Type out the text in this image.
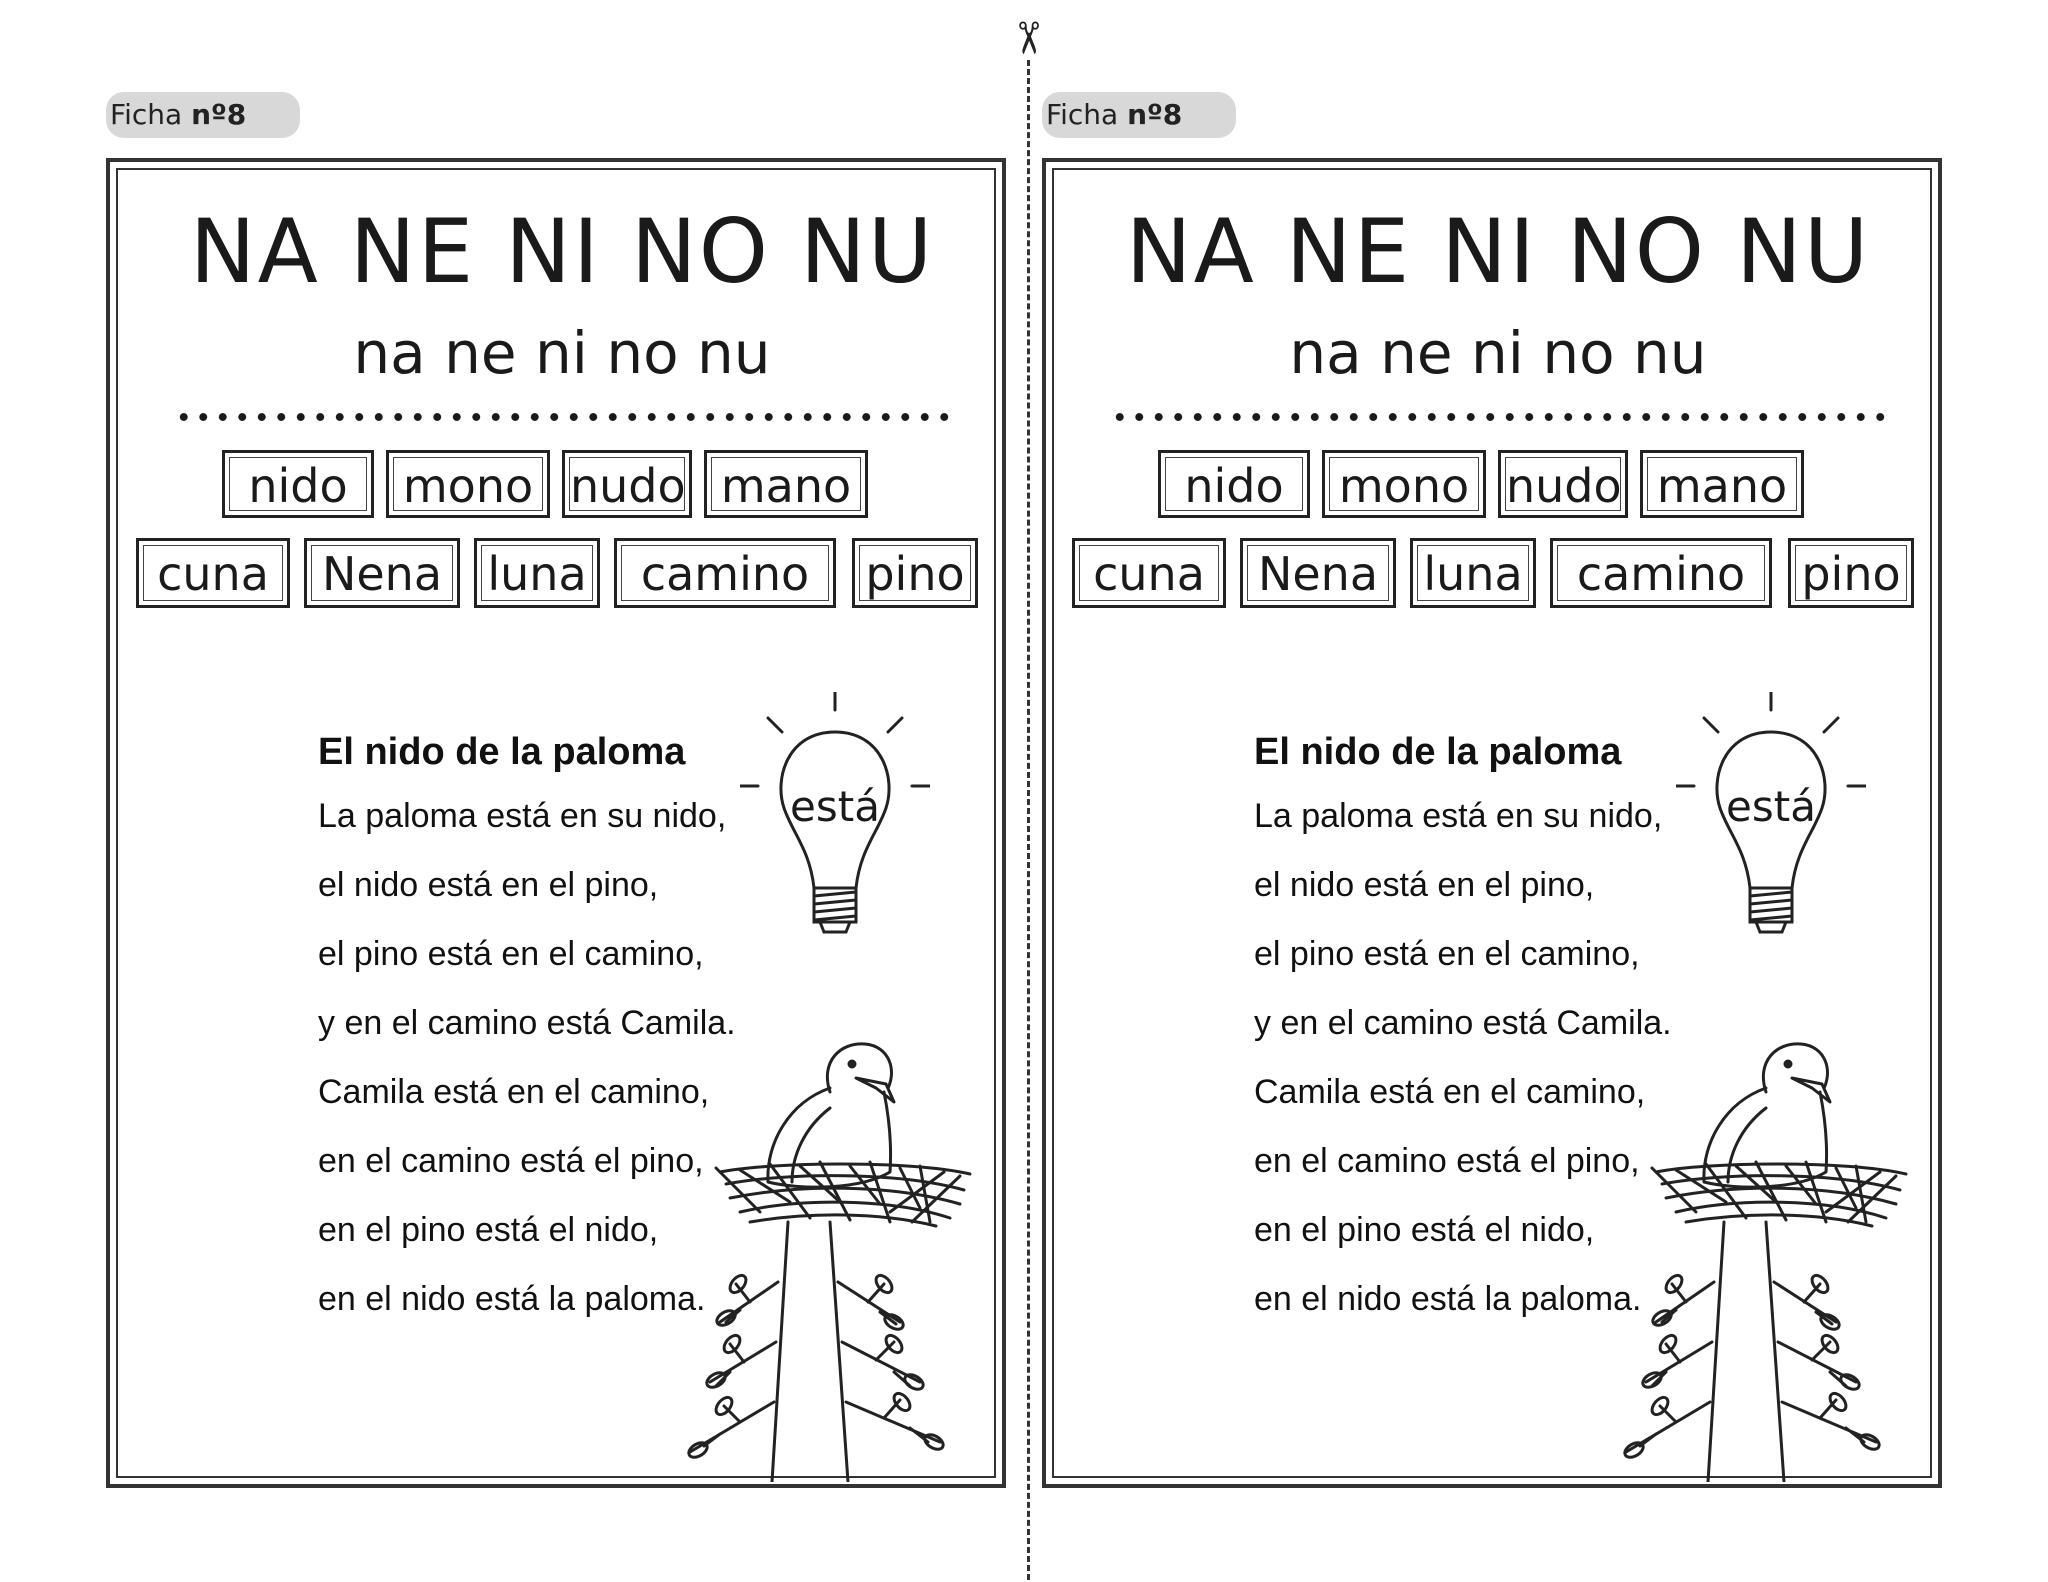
✂
Ficha nº8
NA NE NI NO NU
na ne ni no nu
nido	mono nudo mano
cuna	Nena luna	camino	pino
está

El nido de la paloma

La paloma está en su nido,

el nido está en el pino,

el pino está en el camino,

y en el camino está Camila.

Camila está en el camino,

en el camino está el pino,

en el pino está el nido,

en el nido está la paloma.

Ficha nº8
NA NE NI NO NU
na ne ni no nu
nido	mono nudo mano
cuna	Nena luna	camino	pino
está

El nido de la paloma

La paloma está en su nido,

el nido está en el pino,

el pino está en el camino,

y en el camino está Camila.

Camila está en el camino,

en el camino está el pino,

en el pino está el nido,

en el nido está la paloma.
